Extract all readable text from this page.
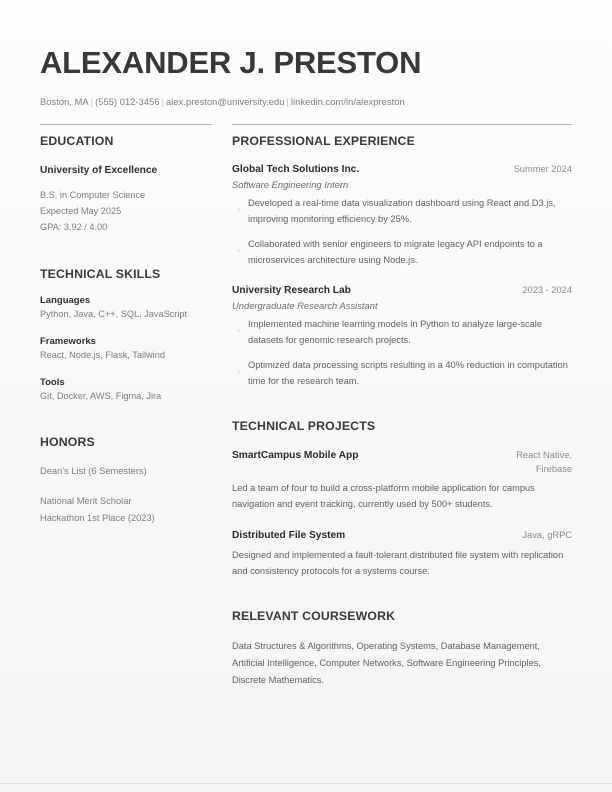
ALEXANDER J. PRESTON
Boston, MA | (555) 012-3456 | alex.preston@university.edu | linkedin.com/in/alexpreston
EDUCATION
University of Excellence
B.S. in Computer Science
Expected May 2025
GPA: 3.92 / 4.00
TECHNICAL SKILLS
Languages
Python, Java, C++, SQL, JavaScript
Frameworks
React, Node.js, Flask, Tailwind
Tools
Git, Docker, AWS, Figma, Jira
HONORS
Dean's List (6 Semesters)
National Merit Scholar
Hackathon 1st Place (2023)
PROFESSIONAL EXPERIENCE
Global Tech Solutions Inc.	Summer 2024
Software Engineering Intern
›
Developed a real-time data visualization dashboard using React and D3.js, improving monitoring efficiency by 25%.
›
Collaborated with senior engineers to migrate legacy API endpoints to a microservices architecture using Node.js.
University Research Lab	2023 - 2024
Undergraduate Research Assistant
›
Implemented machine learning models in Python to analyze large-scale datasets for genomic research projects.
›
Optimized data processing scripts resulting in a 40% reduction in computation time for the research team.
TECHNICAL PROJECTS
SmartCampus Mobile App	React Native, Firebase
Led a team of four to build a cross-platform mobile application for campus navigation and event tracking, currently used by 500+ students.
Distributed File System	Java, gRPC
Designed and implemented a fault-tolerant distributed file system with replication and consistency protocols for a systems course.
RELEVANT COURSEWORK
Data Structures & Algorithms, Operating Systems, Database Management, Artificial Intelligence, Computer Networks, Software Engineering Principles, Discrete Mathematics.
